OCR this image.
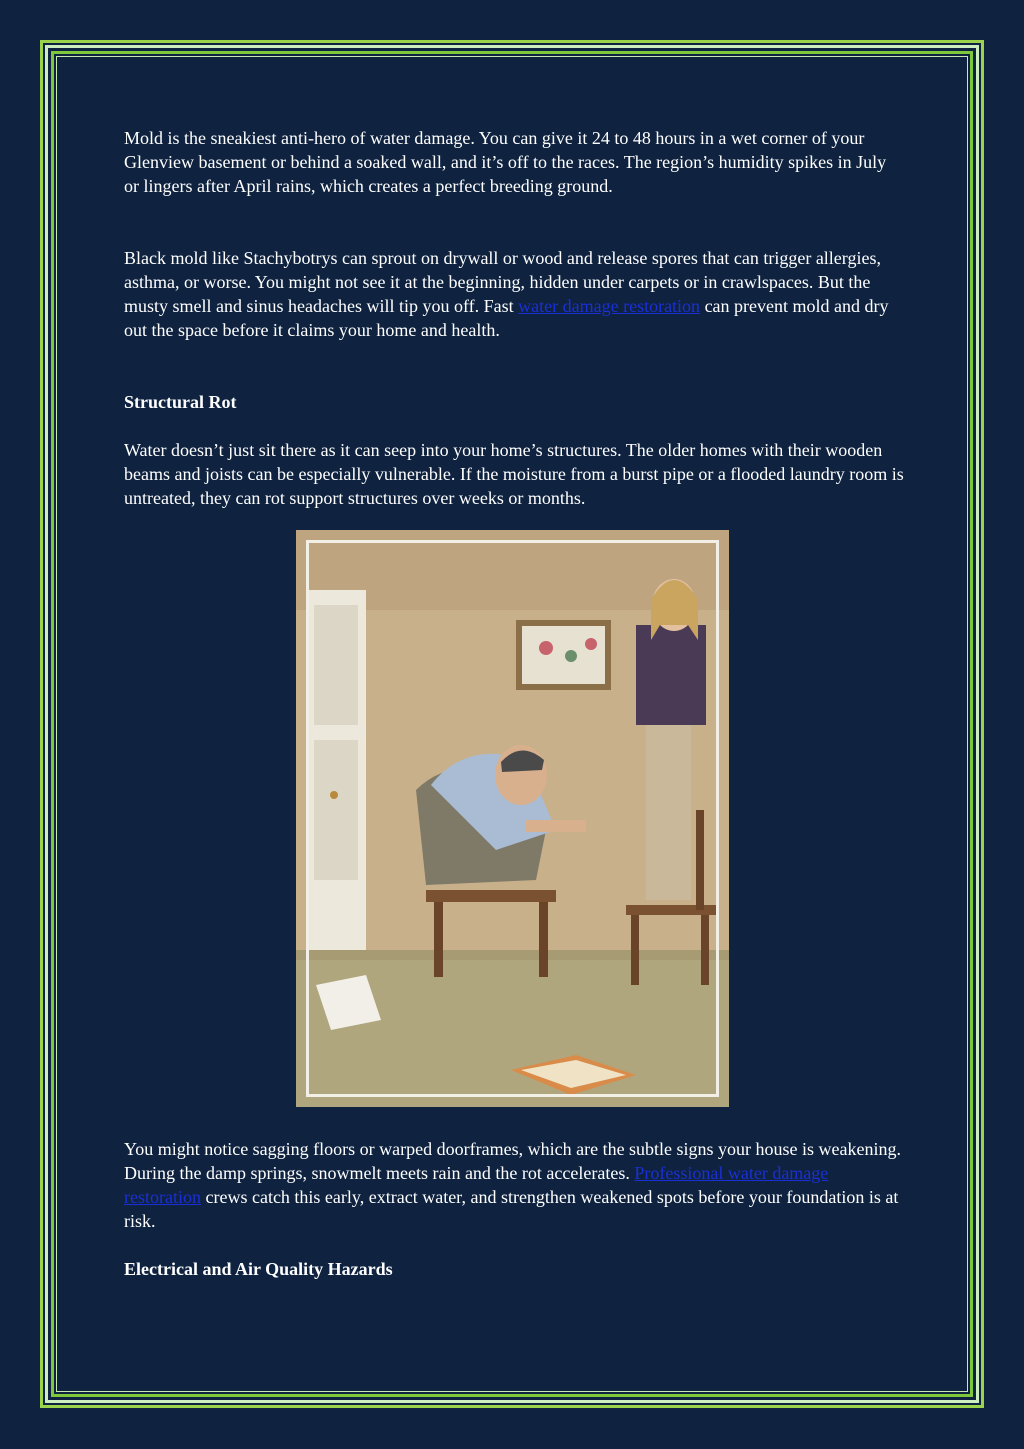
Mold is the sneakiest anti-hero of water damage. You can give it 24 to 48 hours in a wet corner of your Glenview basement or behind a soaked wall, and it’s off to the races. The region’s humidity spikes in July or lingers after April rains, which creates a perfect breeding ground.

Black mold like Stachybotrys can sprout on drywall or wood and release spores that can trigger allergies, asthma, or worse. You might not see it at the beginning, hidden under carpets or in crawlspaces. But the musty smell and sinus headaches will tip you off. Fast water damage restoration can prevent mold and dry out the space before it claims your home and health.

Structural Rot

Water doesn’t just sit there as it can seep into your home’s structures. The older homes with their wooden beams and joists can be especially vulnerable. If the moisture from a burst pipe or a flooded laundry room is untreated, they can rot support structures over weeks or months.

You might notice sagging floors or warped doorframes, which are the subtle signs your house is weakening. During the damp springs, snowmelt meets rain and the rot accelerates. Professional water damage restoration crews catch this early, extract water, and strengthen weakened spots before your foundation is at risk.

Electrical and Air Quality Hazards
